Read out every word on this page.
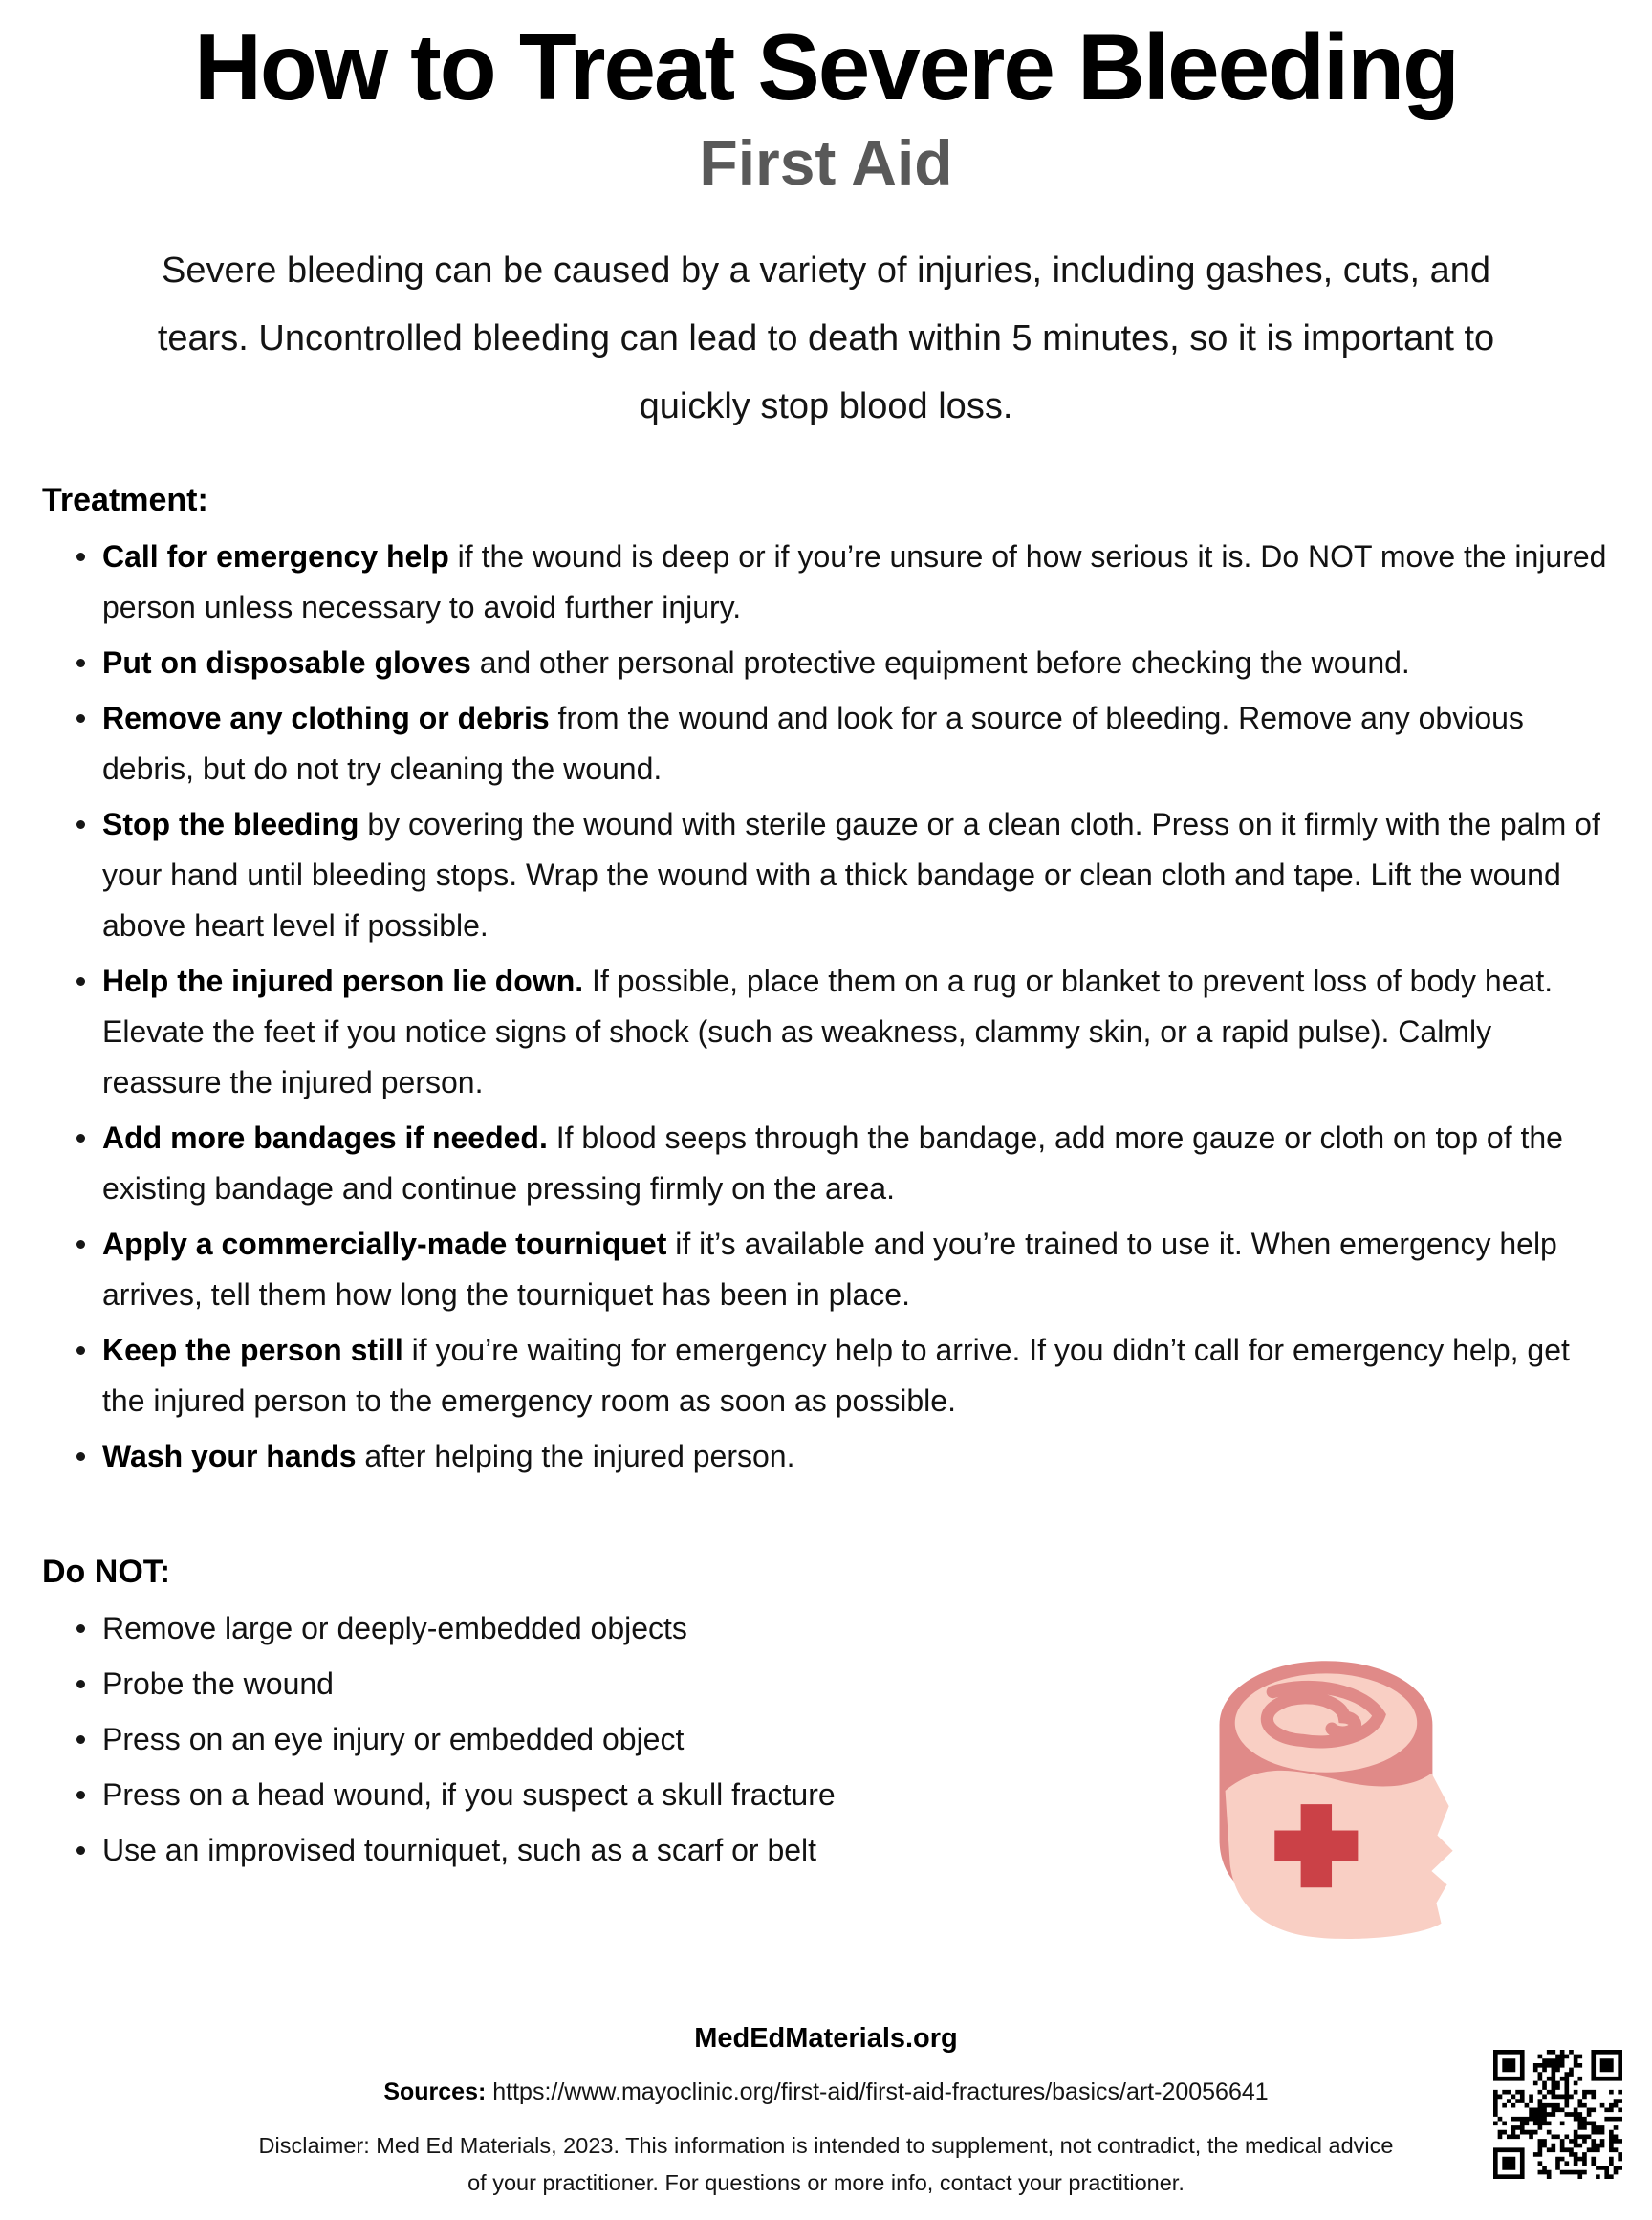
How to Treat Severe Bleeding
First Aid

Severe bleeding can be caused by a variety of injuries, including gashes, cuts, and tears. Uncontrolled bleeding can lead to death within 5 minutes, so it is important to quickly stop blood loss.

Treatment:
Call for emergency help if the wound is deep or if you’re unsure of how serious it is. Do NOT move the injured person unless necessary to avoid further injury.
Put on disposable gloves and other personal protective equipment before checking the wound.
Remove any clothing or debris from the wound and look for a source of bleeding. Remove any obvious debris, but do not try cleaning the wound.
Stop the bleeding by covering the wound with sterile gauze or a clean cloth. Press on it firmly with the palm of your hand until bleeding stops. Wrap the wound with a thick bandage or clean cloth and tape. Lift the wound above heart level if possible.
Help the injured person lie down. If possible, place them on a rug or blanket to prevent loss of body heat. Elevate the feet if you notice signs of shock (such as weakness, clammy skin, or a rapid pulse). Calmly reassure the injured person.
Add more bandages if needed. If blood seeps through the bandage, add more gauze or cloth on top of the existing bandage and continue pressing firmly on the area.
Apply a commercially-made tourniquet if it’s available and you’re trained to use it. When emergency help arrives, tell them how long the tourniquet has been in place.
Keep the person still if you’re waiting for emergency help to arrive. If you didn’t call for emergency help, get the injured person to the emergency room as soon as possible.
Wash your hands after helping the injured person.
Do NOT:
Remove large or deeply-embedded objects
Probe the wound
Press on an eye injury or embedded object
Press on a head wound, if you suspect a skull fracture
Use an improvised tourniquet, such as a scarf or belt
MedEdMaterials.org
Sources: https://www.mayoclinic.org/first-aid/first-aid-fractures/basics/art-20056641
Disclaimer: Med Ed Materials, 2023. This information is intended to supplement, not contradict, the medical advice of your practitioner. For questions or more info, contact your practitioner.
